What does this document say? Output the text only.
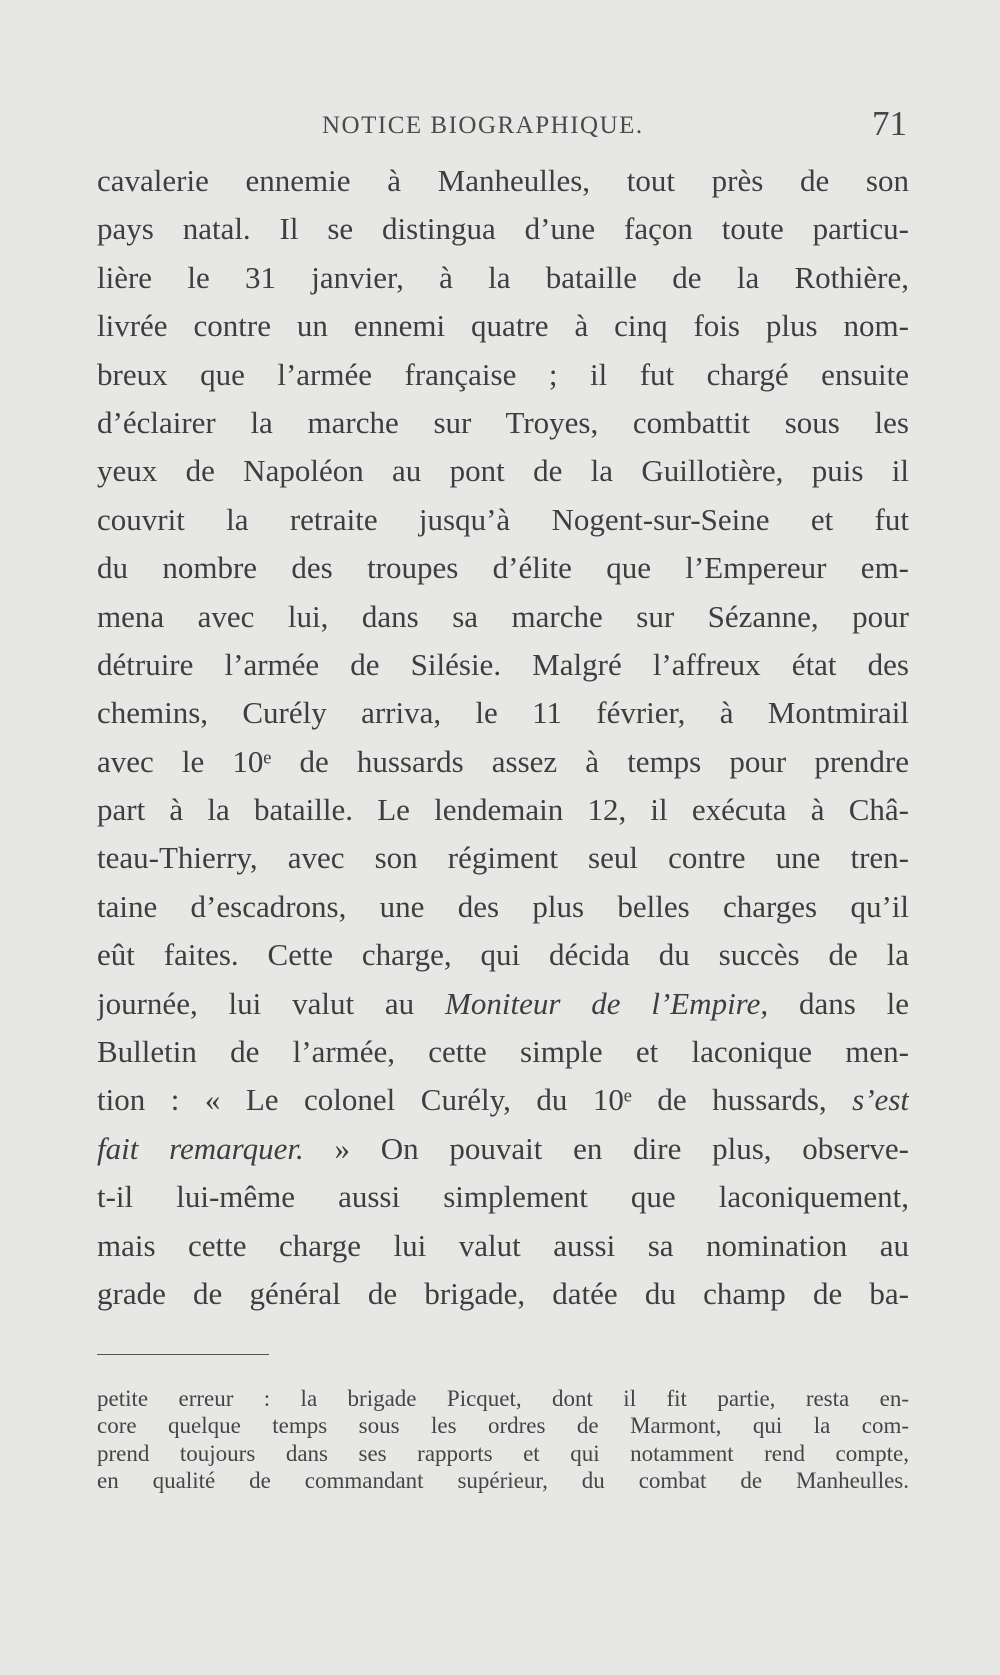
NOTICE BIOGRAPHIQUE.	71
cavalerie ennemie à Manheulles, tout près de son
pays natal. Il se distingua d’une façon toute particu-
lière le 31 janvier, à la bataille de la Rothière,
livrée contre un ennemi quatre à cinq fois plus nom-
breux que l’armée française ; il fut chargé ensuite
d’éclairer la marche sur Troyes, combattit sous les
yeux de Napoléon au pont de la Guillotière, puis il
couvrit la retraite jusqu’à Nogent-sur-Seine et fut
du nombre des troupes d’élite que l’Empereur em-
mena avec lui, dans sa marche sur Sézanne, pour
détruire l’armée de Silésie. Malgré l’affreux état des
chemins, Curély arriva, le 11 février, à Montmirail
avec le 10ᵉ de hussards assez à temps pour prendre
part à la bataille. Le lendemain 12, il exécuta à Châ-
teau-Thierry, avec son régiment seul contre une tren-
taine d’escadrons, une des plus belles charges qu’il
eût faites. Cette charge, qui décida du succès de la
journée, lui valut au Moniteur de l’Empire, dans le
Bulletin de l’armée, cette simple et laconique men-
tion : « Le colonel Curély, du 10ᵉ de hussards, s’est
fait remarquer. » On pouvait en dire plus, observe-
t-il lui-même aussi simplement que laconiquement,
mais cette charge lui valut aussi sa nomination au
grade de général de brigade, datée du champ de ba-
petite erreur : la brigade Picquet, dont il fit partie, resta en-
core quelque temps sous les ordres de Marmont, qui la com-
prend toujours dans ses rapports et qui notamment rend compte,
en qualité de commandant supérieur, du combat de Manheulles.
